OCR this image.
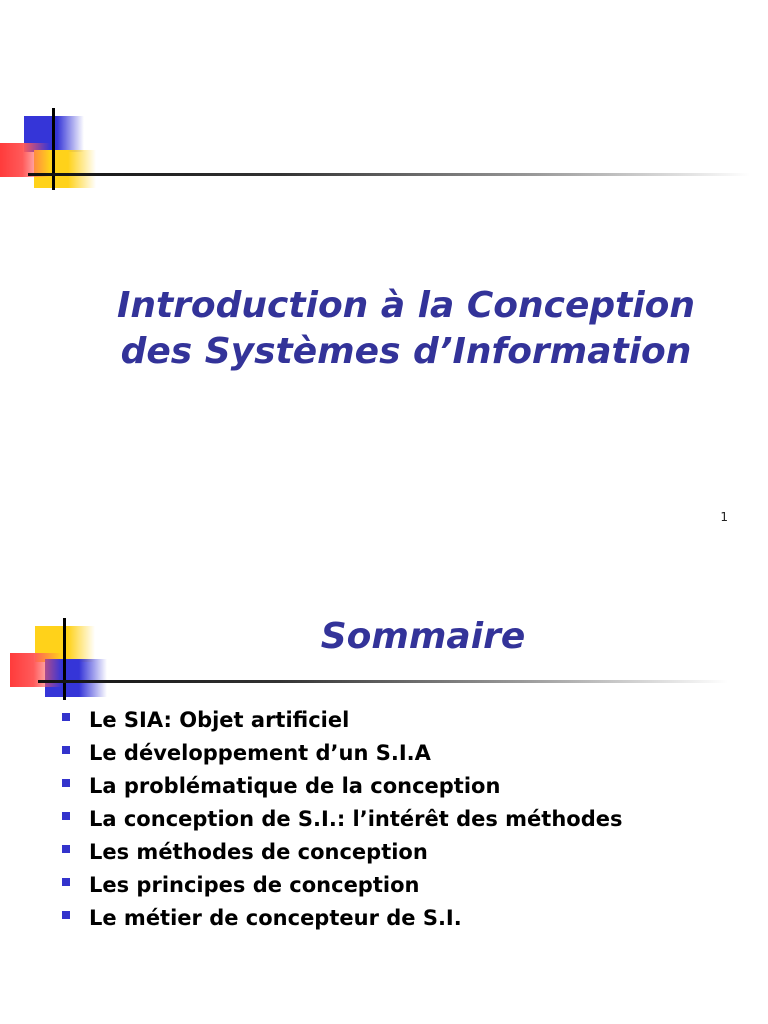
Introduction à la Conception
des Systèmes d’Information
1
Sommaire
Le SIA: Objet artificiel
Le développement d’un S.I.A
La problématique de la conception
La conception de S.I.: l’intérêt des méthodes
Les méthodes de conception
Les principes de conception
Le métier de concepteur de S.I.
